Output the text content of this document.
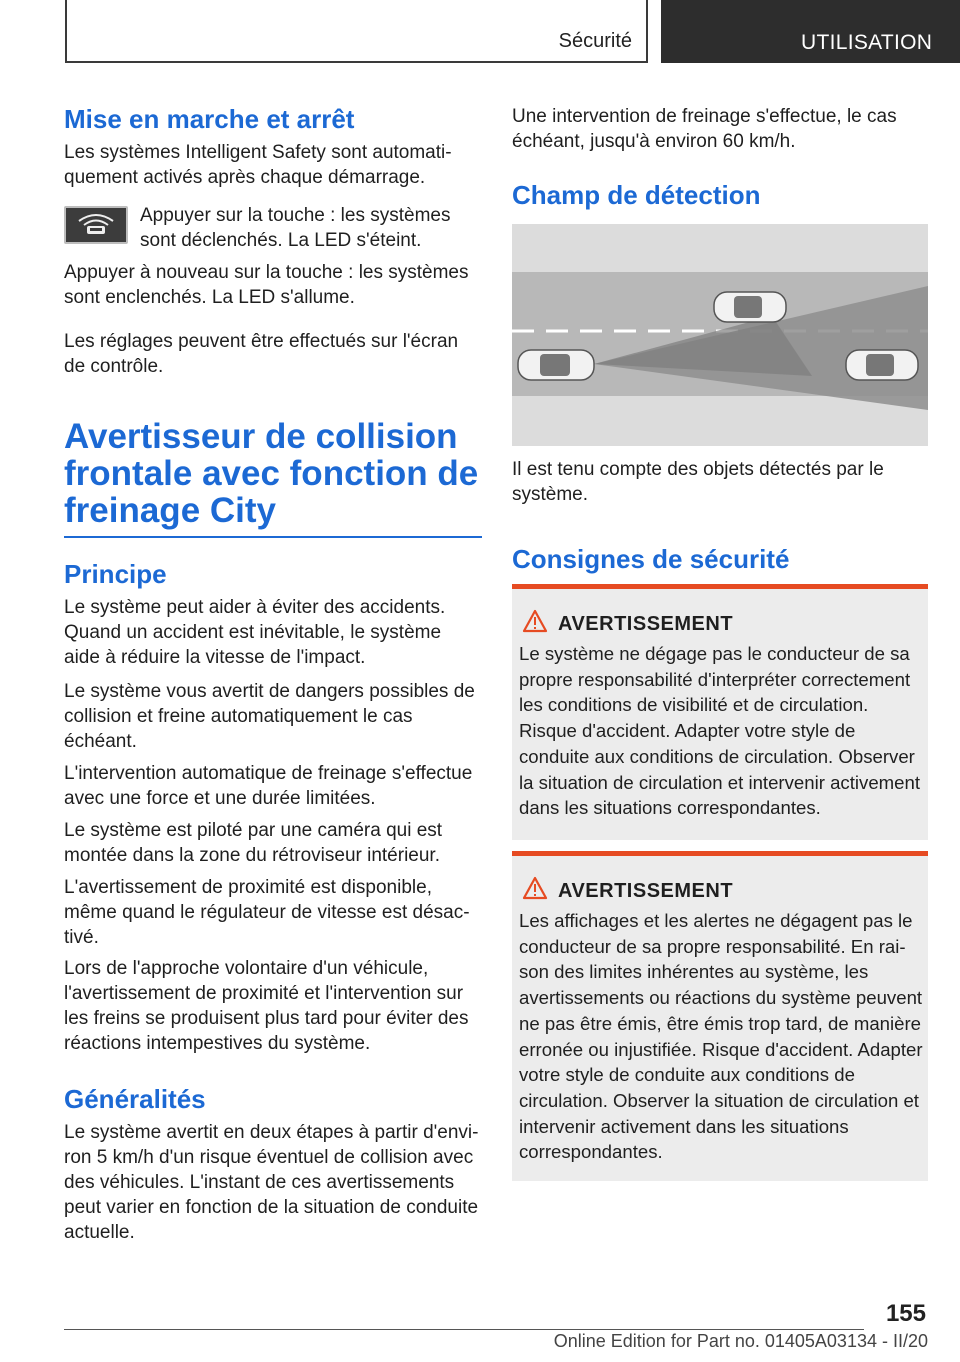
Sécurité	UTILISATION
Mise en marche et arrêt

Les systèmes Intelligent Safety sont automatiquement activés après chaque démarrage.

Appuyer sur la touche : les systèmes sont déclenchés. La LED s'éteint.

Appuyer à nouveau sur la touche : les systèmes sont enclenchés. La LED s'allume.

Les réglages peuvent être effectués sur l'écran de contrôle.

Avertisseur de collision
frontale avec fonction de
freinage City
Principe

Le système peut aider à éviter des accidents. Quand un accident est inévitable, le système aide à réduire la vitesse de l'impact.

Le système vous avertit de dangers possibles de collision et freine automatiquement le cas échéant.

L'intervention automatique de freinage s'effectue avec une force et une durée limitées.

Le système est piloté par une caméra qui est montée dans la zone du rétroviseur intérieur.

L'avertissement de proximité est disponible, même quand le régulateur de vitesse est désactivé.

Lors de l'approche volontaire d'un véhicule, l'avertissement de proximité et l'intervention sur les freins se produisent plus tard pour éviter des réactions intempestives du système.

Généralités

Le système avertit en deux étapes à partir d'environ 5 km/h d'un risque éventuel de collision avec des véhicules. L'instant de ces avertissements peut varier en fonction de la situation de conduite actuelle.

Une intervention de freinage s'effectue, le cas échéant, jusqu'à environ 60 km/h.

Champ de détection

Il est tenu compte des objets détectés par le système.

Consignes de sécurité
AVERTISSEMENT

Le système ne dégage pas le conducteur de sa propre responsabilité d'interpréter correctement les conditions de visibilité et de circulation. Risque d'accident. Adapter votre style de conduite aux conditions de circulation. Observer la situation de circulation et intervenir activement dans les situations correspondantes.

AVERTISSEMENT

Les affichages et les alertes ne dégagent pas le conducteur de sa propre responsabilité. En raison des limites inhérentes au système, les avertissements ou réactions du système peuvent ne pas être émis, être émis trop tard, de manière erronée ou injustifiée. Risque d'accident. Adapter votre style de conduite aux conditions de circulation. Observer la situation de circulation et intervenir activement dans les situations correspondantes.

155
Online Edition for Part no. 01405A03134 - II/20
